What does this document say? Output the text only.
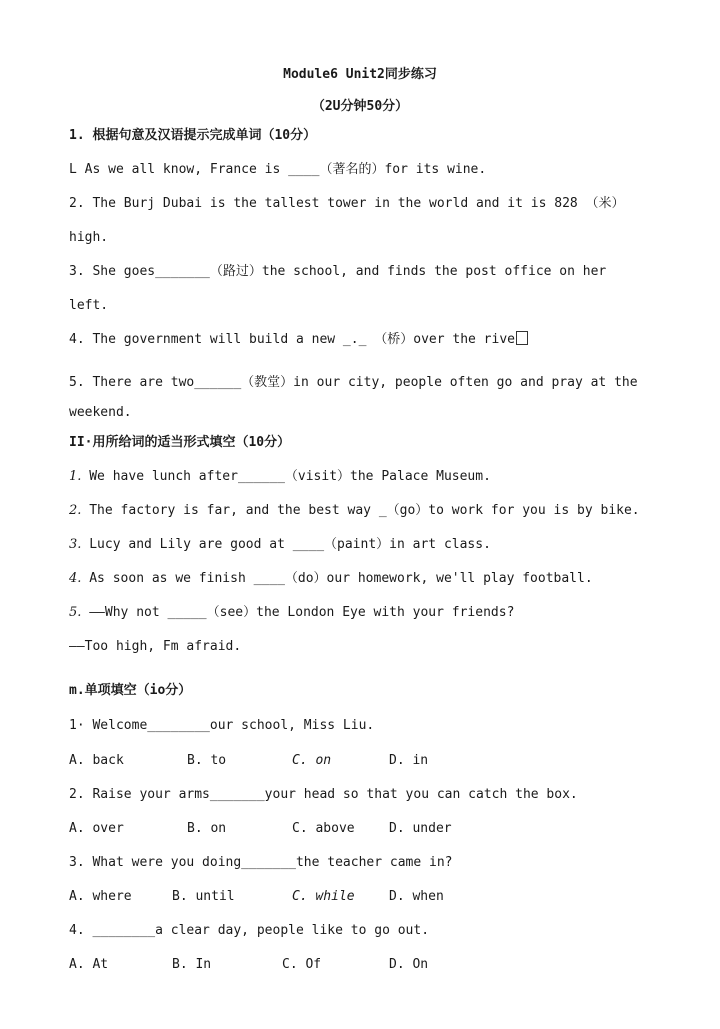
Module6 Unit2同步练习
（2U分钟50分）
1. 根据句意及汉语提示完成单词（10分）
L As we all know, France is ____（著名的）for its wine.
2. The Burj Dubai is the tallest tower in the world and it is 828 （米）
high.
3. She goes_______（路过）the school, and finds the post office on her
left.
4. The government will build a new _._ （桥）over the rive
5. There are two______（教堂）in our city, people often go and pray at the
weekend.
II·用所给词的适当形式填空（10分）
1. We have lunch after______（visit）the Palace Museum.
2. The factory is far, and the best way _（go）to work for you is by bike.
3. Lucy and Lily are good at ____（paint）in art class.
4. As soon as we finish ____（do）our homework, we'll play football.
5. ——Why not _____（see）the London Eye with your friends?
——Too high, Fm afraid.
m.单项填空（io分）
1· Welcome________our school, Miss Liu.
A. back	B. to	C. on	D. in
2. Raise your arms_______your head so that you can catch the box.
A. over	B. on	C. above	D. under
3. What were you doing_______the teacher came in?
A. where	B. until	C. while	D. when
4. ________a clear day, people like to go out.
A. At	B. In	C. Of	D. On
